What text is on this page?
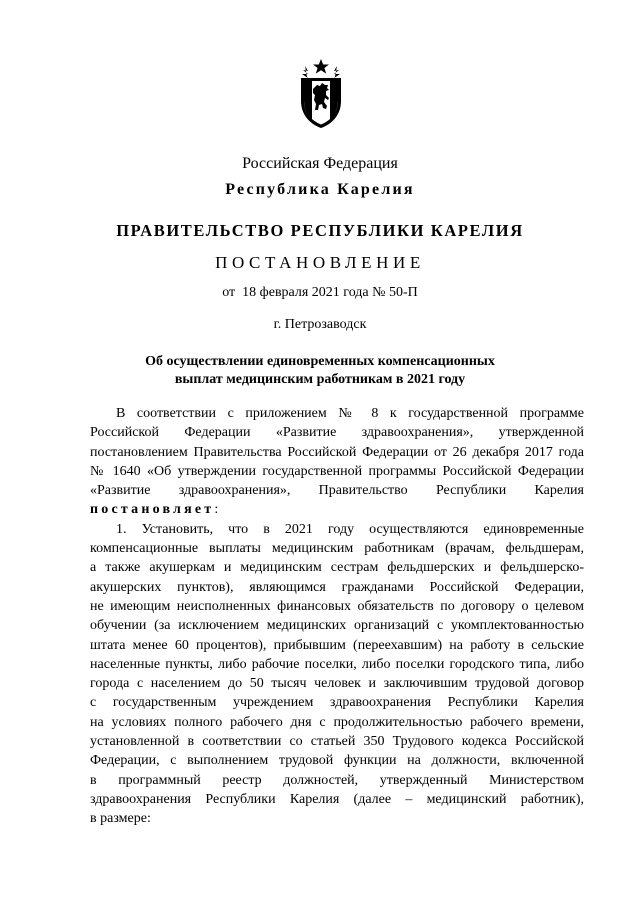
Российская Федерация
Республика Карелия
ПРАВИТЕЛЬСТВО РЕСПУБЛИКИ КАРЕЛИЯ
ПОСТАНОВЛЕНИЕ
от  18 февраля 2021 года № 50-П
г. Петрозаводск
Об осуществлении единовременных компенсационных
выплат медицинским работникам в 2021 году
В соответствии с приложением № 8 к государственной программе
Российской Федерации «Развитие здравоохранения», утвержденной
постановлением Правительства Российской Федерации от 26 декабря 2017 года
№ 1640 «Об утверждении государственной программы Российской Федерации
«Развитие здравоохранения», Правительство Республики Карелия
постановляет:
1. Установить, что в 2021 году осуществляются единовременные
компенсационные выплаты медицинским работникам (врачам, фельдшерам,
а также акушеркам и медицинским сестрам фельдшерских и фельдшерско-
акушерских пунктов), являющимся гражданами Российской Федерации,
не имеющим неисполненных финансовых обязательств по договору о целевом
обучении (за исключением медицинских организаций с укомплектованностью
штата менее 60 процентов), прибывшим (переехавшим) на работу в сельские
населенные пункты, либо рабочие поселки, либо поселки городского типа, либо
города с населением до 50 тысяч человек и заключившим трудовой договор
с государственным учреждением здравоохранения Республики Карелия
на условиях полного рабочего дня с продолжительностью рабочего времени,
установленной в соответствии со статьей 350 Трудового кодекса Российской
Федерации, с выполнением трудовой функции на должности, включенной
в программный реестр должностей, утвержденный Министерством
здравоохранения Республики Карелия (далее – медицинский работник),
в размере:
